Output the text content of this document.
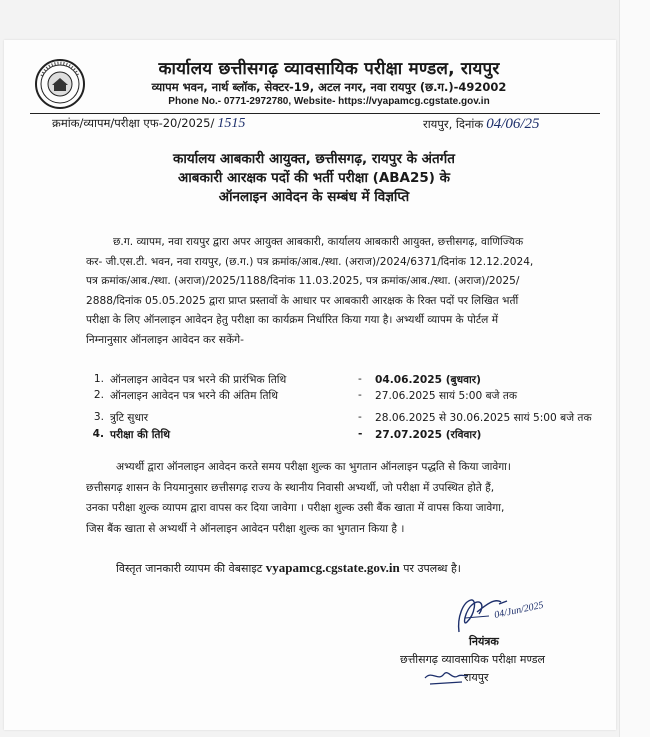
कार्यालय छत्तीसगढ़ व्यावसायिक परीक्षा मण्डल, रायपुर
व्यापम भवन, नार्थ ब्लॉक, सेक्टर-19, अटल नगर, नवा रायपुर (छ.ग.)-492002
Phone No.- 0771-2972780, Website- https://vyapamcg.cgstate.gov.in
क्रमांक/व्यापम/परीक्षा एफ-20/2025/ 1515	रायपुर, दिनांक 04/06/25
कार्यालय आबकारी आयुक्त, छत्तीसगढ़, रायपुर के अंतर्गत
आबकारी आरक्षक पदों की भर्ती परीक्षा (ABA25) के
ऑनलाइन आवेदन के सम्बंध में विज्ञप्ति
छ.ग. व्यापम, नवा रायपुर द्वारा अपर आयुक्त आबकारी, कार्यालय आबकारी आयुक्त, छत्तीसगढ़, वाणिज्यिक
कर- जी.एस.टी. भवन, नवा रायपुर, (छ.ग.) पत्र क्रमांक/आब./स्था. (अराज)/2024/6371/दिनांक 12.12.2024,
पत्र क्रमांक/आब./स्था. (अराज)/2025/1188/दिनांक 11.03.2025, पत्र क्रमांक/आब./स्था. (अराज)/2025/
2888/दिनांक 05.05.2025 द्वारा प्राप्त प्रस्तावों के आधार पर आबकारी आरक्षक के रिक्त पदों पर लिखित भर्ती
परीक्षा के लिए ऑनलाइन आवेदन हेतु परीक्षा का कार्यक्रम निर्धारित किया गया है। अभ्यर्थी व्यापम के पोर्टल में
निम्नानुसार ऑनलाइन आवेदन कर सकेंगे-
1. ऑनलाइन आवेदन पत्र भरने की प्रारंभिक तिथि	- 04.06.2025 (बुधवार)
2. ऑनलाइन आवेदन पत्र भरने की अंतिम तिथि	- 27.06.2025 सायं 5:00 बजे तक
3. त्रुटि सुधार	- 28.06.2025 से 30.06.2025 सायं 5:00 बजे तक
4. परीक्षा की तिथि	- 27.07.2025 (रविवार)
अभ्यर्थी द्वारा ऑनलाइन आवेदन करते समय परीक्षा शुल्क का भुगतान ऑनलाइन पद्धति से किया जावेगा।
छत्तीसगढ़ शासन के नियमानुसार छत्तीसगढ़ राज्य के स्थानीय निवासी अभ्यर्थी, जो परीक्षा में उपस्थित होते हैं,
उनका परीक्षा शुल्क व्यापम द्वारा वापस कर दिया जावेगा । परीक्षा शुल्क उसी बैंक खाता में वापस किया जावेगा,
जिस बैंक खाता से अभ्यर्थी ने ऑनलाइन आवेदन परीक्षा शुल्क का भुगतान किया है ।
विस्तृत जानकारी व्यापम की वेबसाइट vyapamcg.cgstate.gov.in पर उपलब्ध है।
04/Jun/2025
नियंत्रक
छत्तीसगढ़ व्यावसायिक परीक्षा मण्डल
रायपुर
